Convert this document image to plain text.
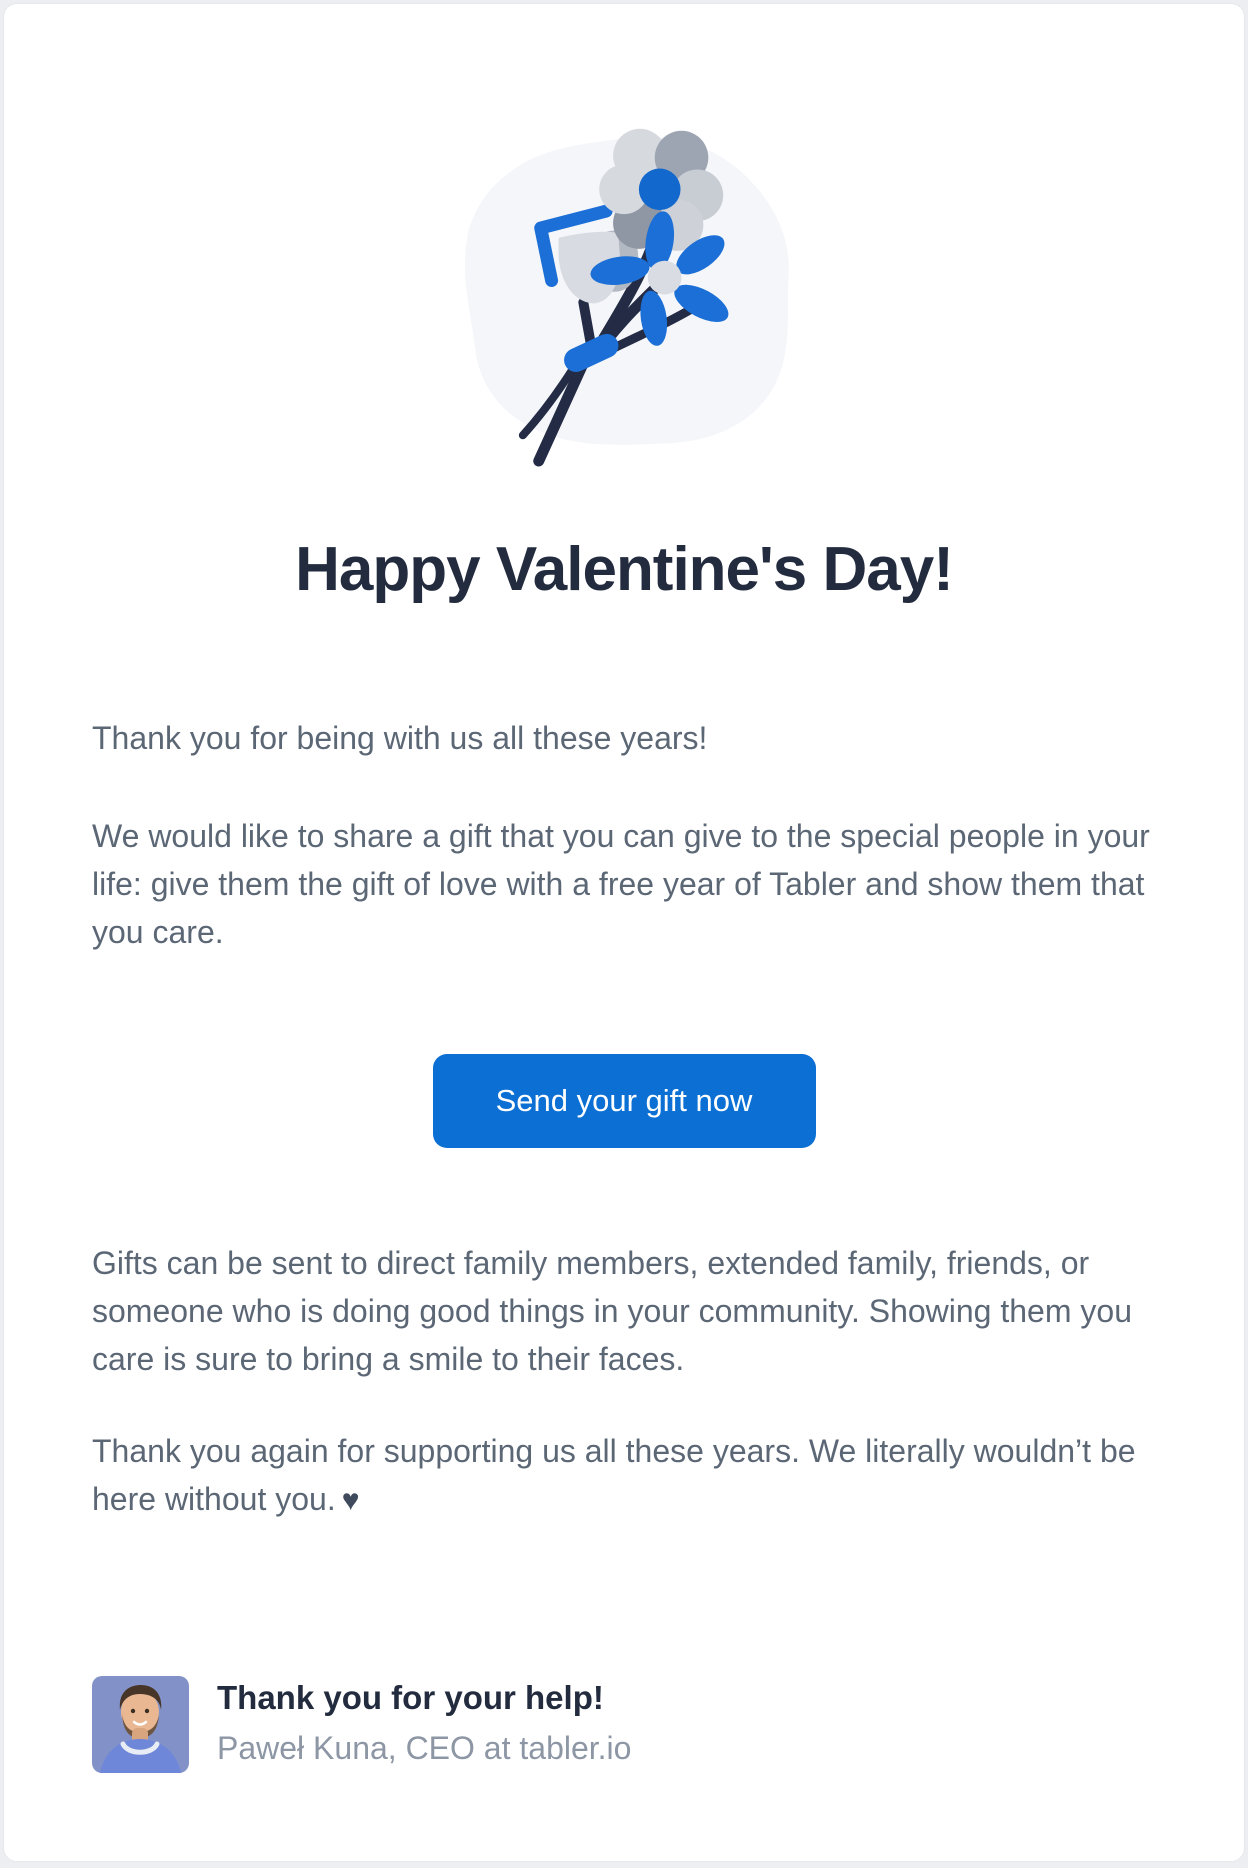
Happy Valentine's Day!

Thank you for being with us all these years!

We would like to share a gift that you can give to the special people in your life: give them the gift of love with a free year of Tabler and show them that you care.

Send your gift now

Gifts can be sent to direct family members, extended family, friends, or someone who is doing good things in your community. Showing them you care is sure to bring a smile to their faces.

Thank you again for supporting us all these years. We literally wouldn’t be here without you. ♥

Thank you for your help!
Paweł Kuna, CEO at tabler.io
